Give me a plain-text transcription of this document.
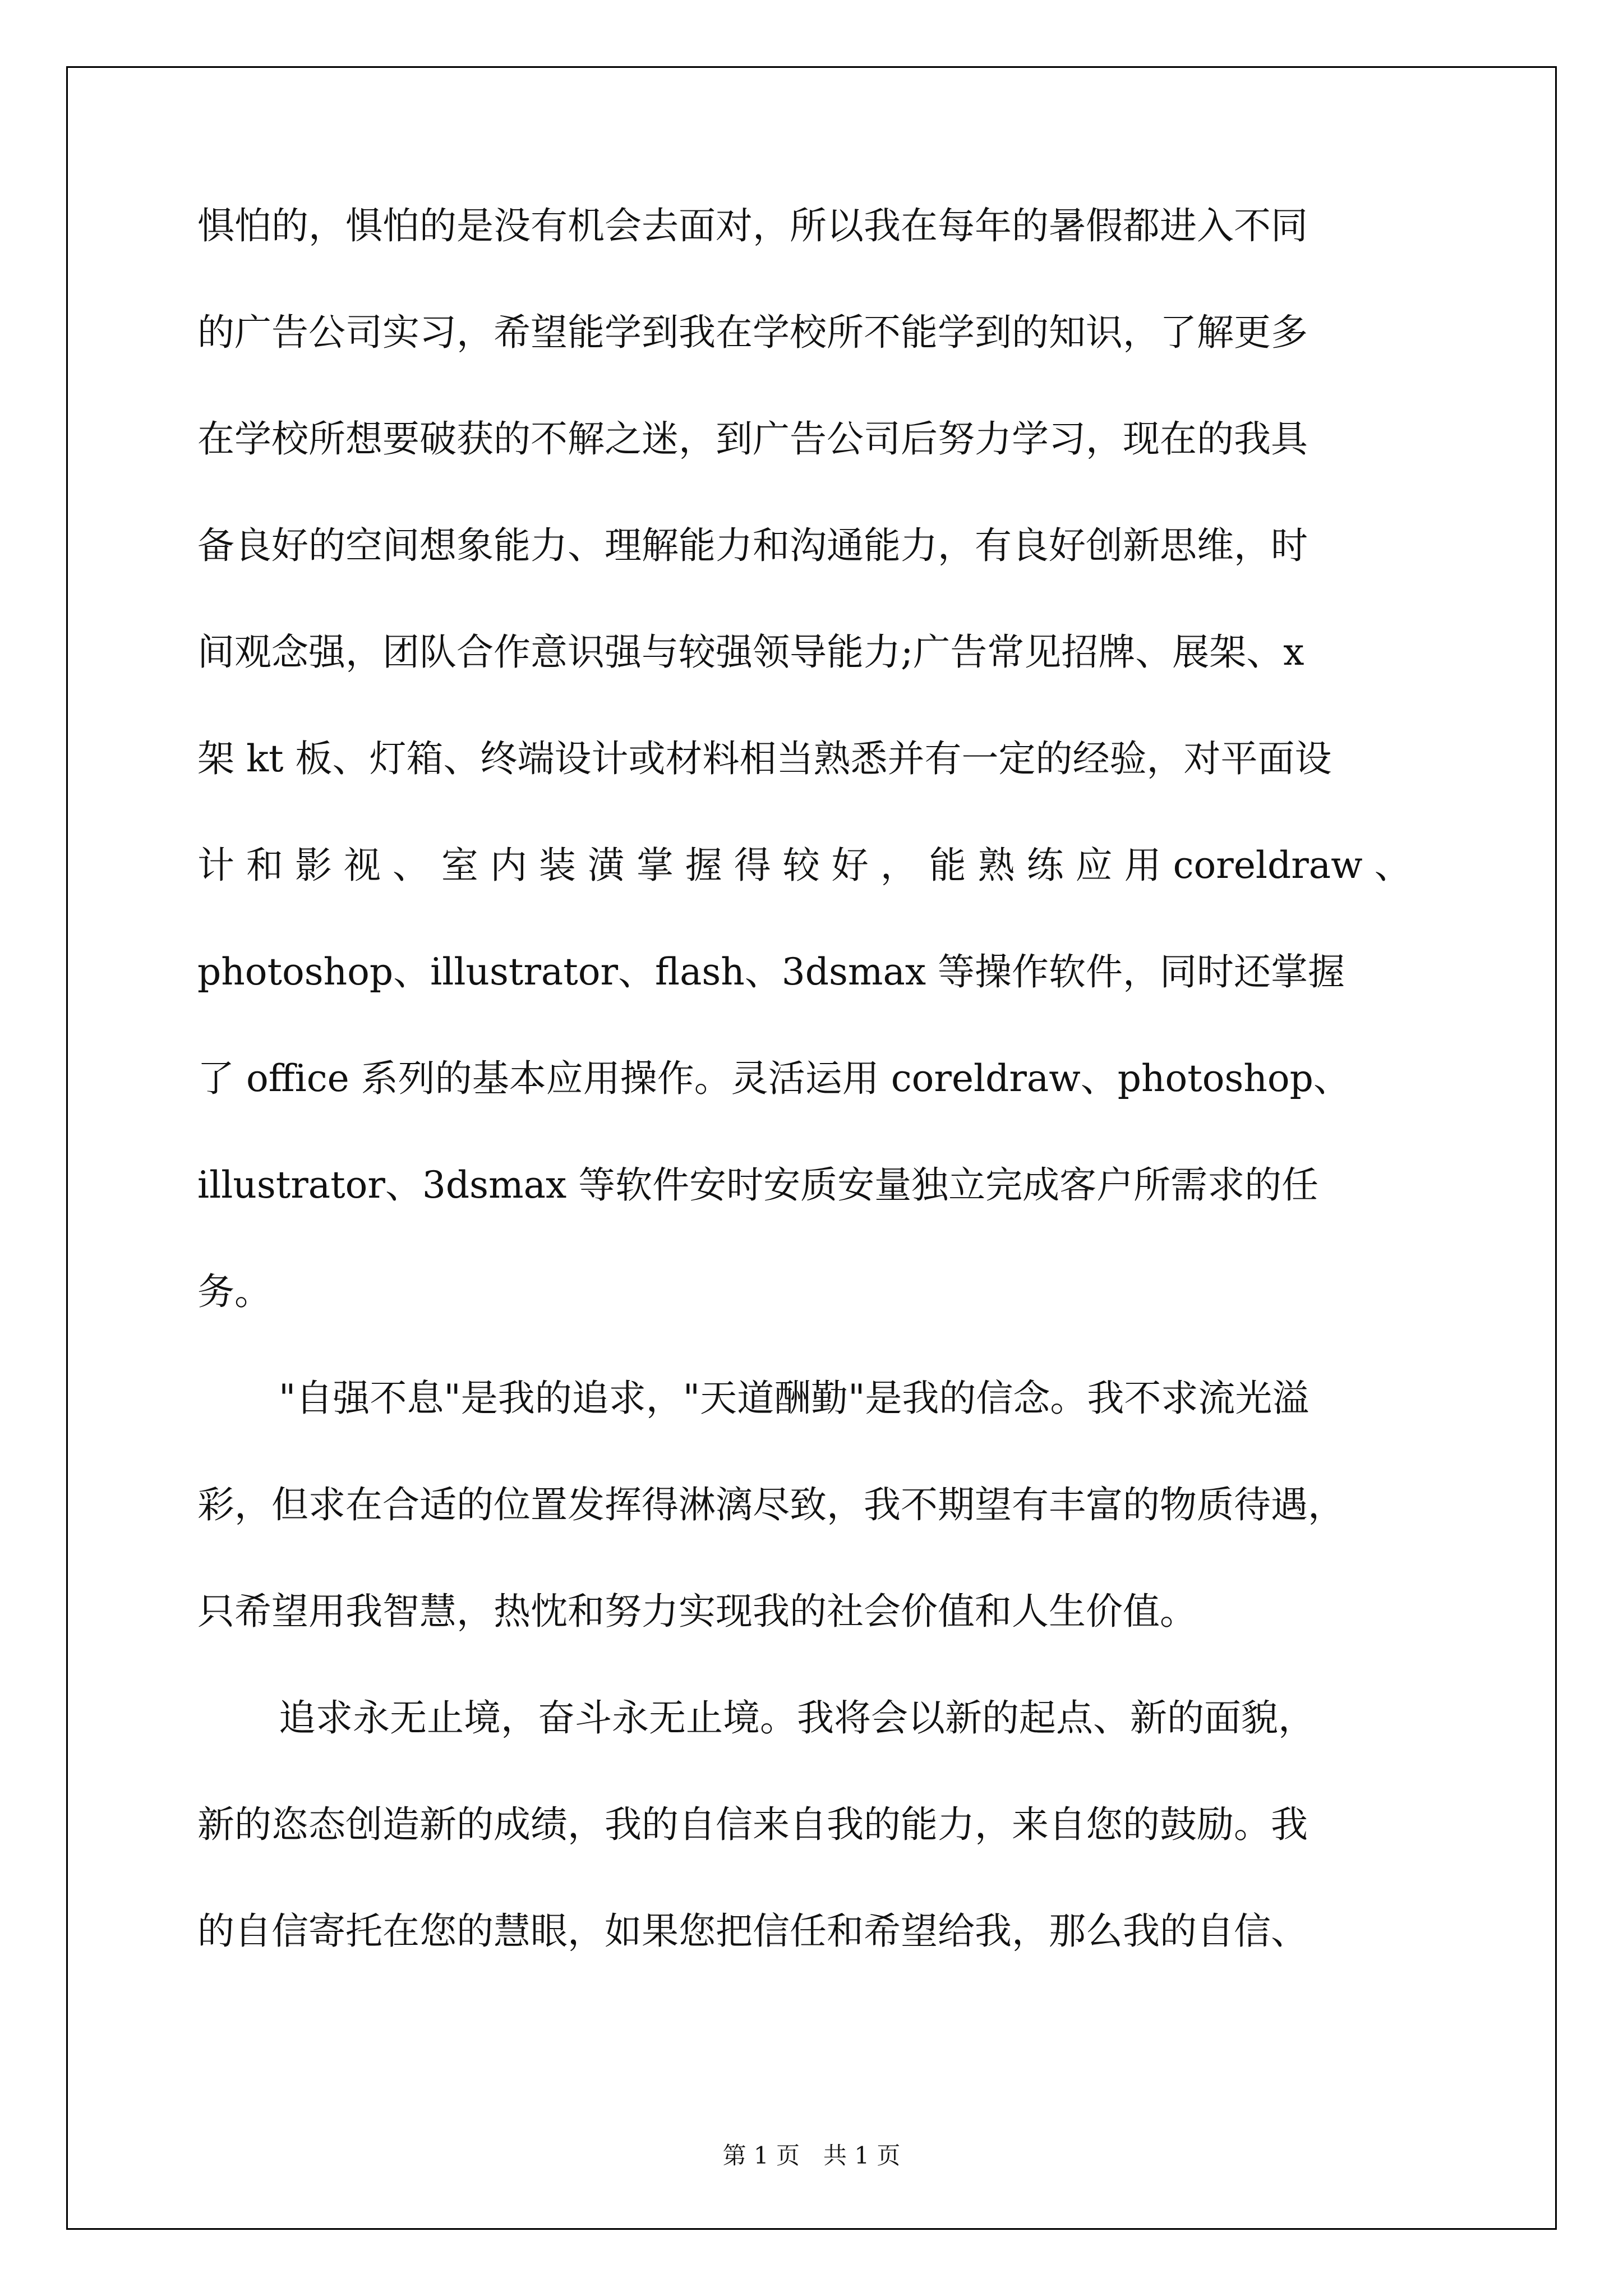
惧怕的，惧怕的是没有机会去面对，所以我在每年的暑假都进入不同
的广告公司实习，希望能学到我在学校所不能学到的知识，了解更多
在学校所想要破获的不解之迷，到广告公司后努力学习，现在的我具
备良好的空间想象能力、理解能力和沟通能力，有良好创新思维，时
间观念强，团队合作意识强与较强领导能力;广告常见招牌、展架、x
架 kt 板、灯箱、终端设计或材料相当熟悉并有一定的经验，对平面设
计 和 影 视 、 室 内 装 潢 掌 握 得 较 好 ， 能 熟 练 应 用 coreldraw 、
photoshop、illustrator、flash、3dsmax 等操作软件，同时还掌握
了 office 系列的基本应用操作。灵活运用 coreldraw、photoshop、
illustrator、3dsmax 等软件安时安质安量独立完成客户所需求的任
务。
"自强不息"是我的追求，"天道酬勤"是我的信念。我不求流光溢
彩，但求在合适的位置发挥得淋漓尽致，我不期望有丰富的物质待遇，
只希望用我智慧，热忱和努力实现我的社会价值和人生价值。
追求永无止境，奋斗永无止境。我将会以新的起点、新的面貌，
新的恣态创造新的成绩，我的自信来自我的能力，来自您的鼓励。我
的自信寄托在您的慧眼，如果您把信任和希望给我，那么我的自信、
第 1 页　共 1 页
